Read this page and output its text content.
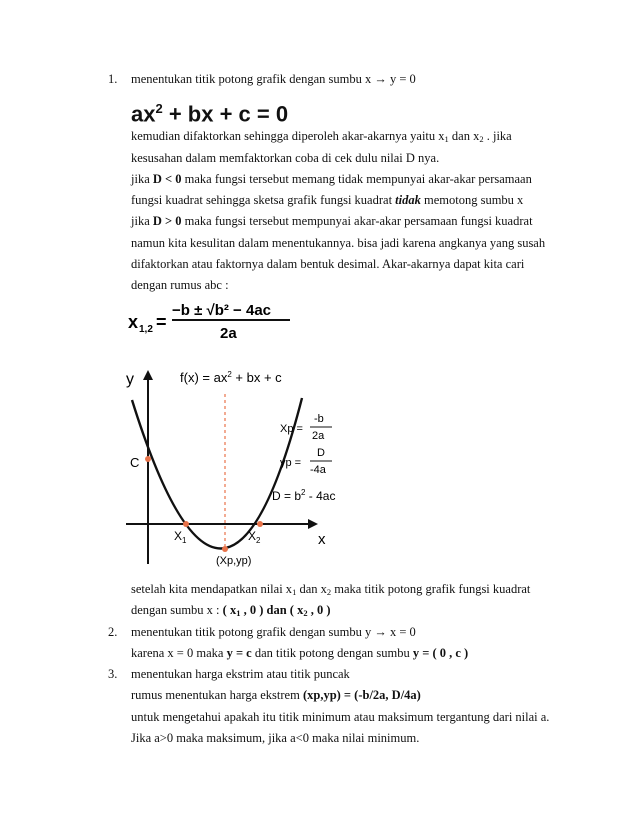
1. menentukan titik potong grafik dengan sumbu x → y = 0
$ax^2$ + bx + c = 0
kemudian difaktorkan sehingga diperoleh akar-akarnya yaitu $x_1$ dan $x_2$ . jika
kesusahan dalam memfaktorkan coba di cek dulu nilai D nya.
jika D < 0 maka fungsi tersebut memang tidak mempunyai akar-akar persamaan
fungsi kuadrat sehingga sketsa grafik fungsi kuadrat tidak memotong sumbu x
jika D > 0 maka fungsi tersebut mempunyai akar-akar persamaan fungsi kuadrat
namun kita kesulitan dalam menentukannya. bisa jadi karena angkanya yang susah
difaktorkan atau faktornya dalam bentuk desimal. Akar-akarnya dapat kita cari
dengan rumus abc :
x 1,2 =
−b ± √b² − 4ac
2a
y
x
$f(x) = ax^2$ + bx + c
C
$X_1$	$X_2$
(Xp,yp)
Xp =
-b
2a
yp =
D
-4a
$D = b^2 - 4ac$
setelah kita mendapatkan nilai $x_1$ dan $x_2$ maka titik potong grafik fungsi kuadrat
dengan sumbu x : ( $x_1$ , 0 ) dan ( $x_2$ , 0 )
2. menentukan titik potong grafik dengan sumbu y → x = 0
karena x = 0 maka y = c dan titik potong dengan sumbu y = ( 0 , c )
3. menentukan harga ekstrim atau titik puncak
rumus menentukan harga ekstrem (xp,yp) = (-b/2a, D/4a)
untuk mengetahui apakah itu titik minimum atau maksimum tergantung dari nilai a.
Jika a>0 maka maksimum, jika a<0 maka nilai minimum.
